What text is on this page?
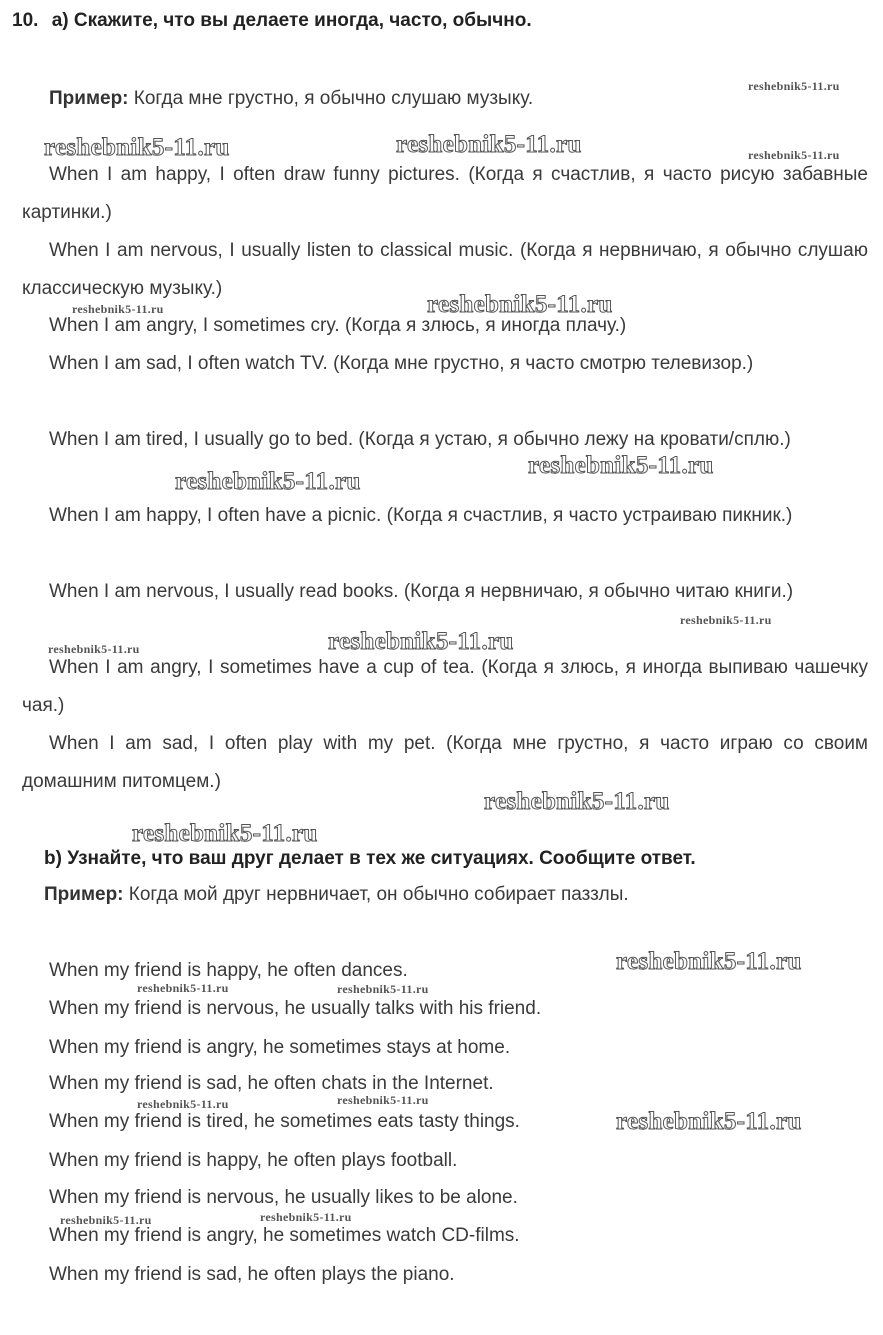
10. a) Скажите, что вы делаете иногда, часто, обычно.
Пример: Когда мне грустно, я обычно слушаю музыку.

When I am happy, I often draw funny pictures. (Когда я счастлив, я часто рисую забавные картинки.)

When I am nervous, I usually listen to classical music. (Когда я нервничаю, я обычно слушаю классическую музыку.)

When I am angry, I sometimes cry. (Когда я злюсь, я иногда плачу.)

When I am sad, I often watch TV. (Когда мне грустно, я часто смотрю телевизор.)

When I am tired, I usually go to bed. (Когда я устаю, я обычно лежу на кровати/сплю.)

When I am happy, I often have a picnic. (Когда я счастлив, я часто устраиваю пикник.)

When I am nervous, I usually read books. (Когда я нервничаю, я обычно читаю книги.)

When I am angry, I sometimes have a cup of tea. (Когда я злюсь, я иногда выпиваю чашечку чая.)

When I am sad, I often play with my pet. (Когда мне грустно, я часто играю со своим домашним питомцем.)

b) Узнайте, что ваш друг делает в тех же ситуациях. Сообщите ответ.
Пример: Когда мой друг нервничает, он обычно собирает паззлы.
When my friend is happy, he often dances.
When my friend is nervous, he usually talks with his friend.
When my friend is angry, he sometimes stays at home.
When my friend is sad, he often chats in the Internet.
When my friend is tired, he sometimes eats tasty things.
When my friend is happy, he often plays football.
When my friend is nervous, he usually likes to be alone.
When my friend is angry, he sometimes watch CD-films.
When my friend is sad, he often plays the piano.
reshebnik5-11.ru
reshebnik5-11.ru	reshebnik5-11.ru	reshebnik5-11.ru
reshebnik5-11.ru	reshebnik5-11.ru
reshebnik5-11.ru
reshebnik5-11.ru
reshebnik5-11.ru
reshebnik5-11.ru
reshebnik5-11.ru
reshebnik5-11.ru
reshebnik5-11.ru
reshebnik5-11.ru
reshebnik5-11.ru	reshebnik5-11.ru
reshebnik5-11.ru	reshebnik5-11.ru
reshebnik5-11.ru
reshebnik5-11.ru	reshebnik5-11.ru
